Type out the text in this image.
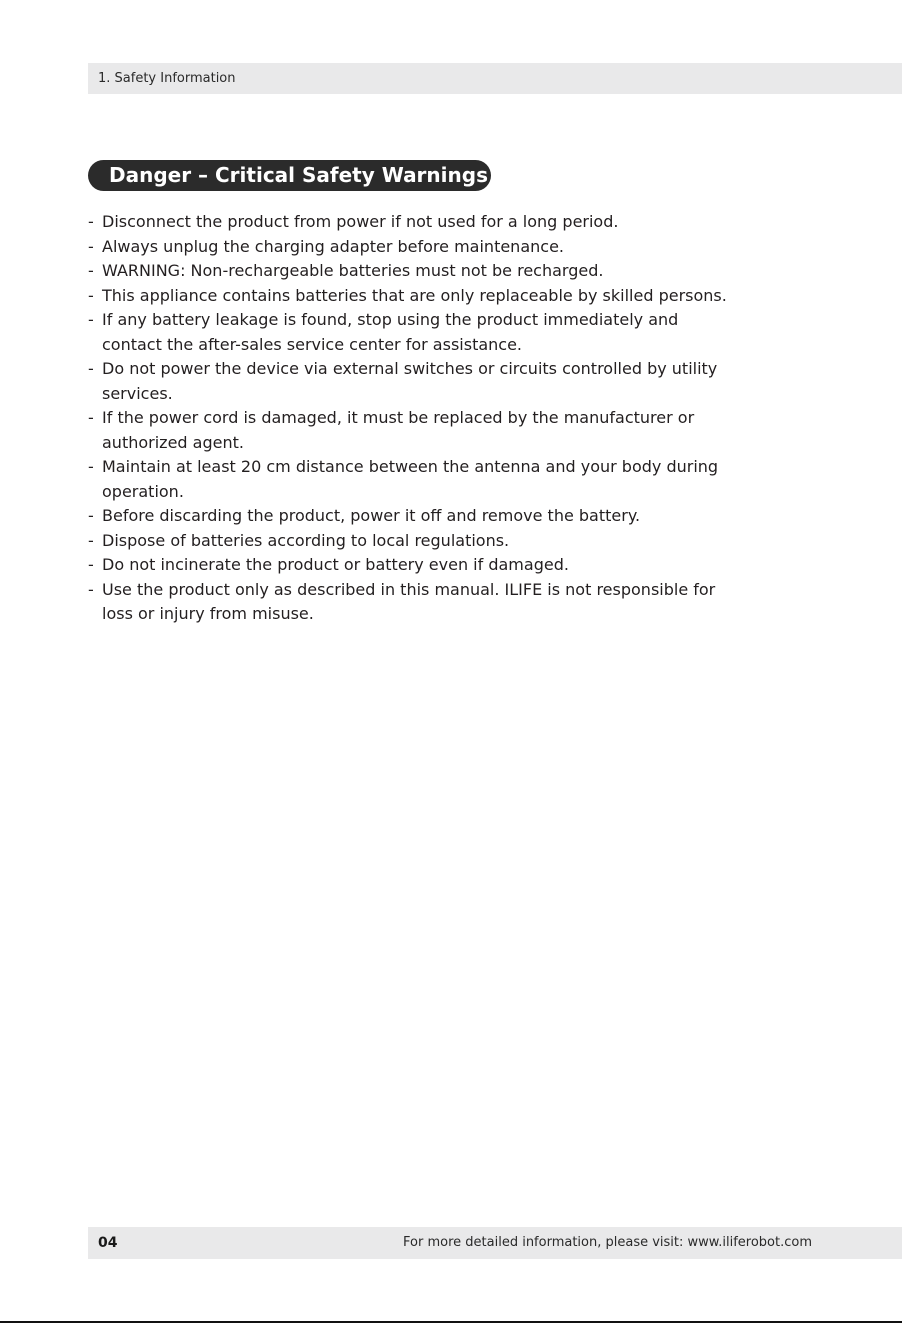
1. Safety Information
Danger – Critical Safety Warnings
- Disconnect the product from power if not used for a long period.
- Always unplug the charging adapter before maintenance.
- WARNING: Non-rechargeable batteries must not be recharged.
- This appliance contains batteries that are only replaceable by skilled persons.
- If any battery leakage is found, stop using the product immediately and
contact the after-sales service center for assistance.
- Do not power the device via external switches or circuits controlled by utility
services.
- If the power cord is damaged, it must be replaced by the manufacturer or
authorized agent.
- Maintain at least 20 cm distance between the antenna and your body during
operation.
- Before discarding the product, power it off and remove the battery.
- Dispose of batteries according to local regulations.
- Do not incinerate the product or battery even if damaged.
- Use the product only as described in this manual. ILIFE is not responsible for
loss or injury from misuse.
04	For more detailed information, please visit: www.iliferobot.com
